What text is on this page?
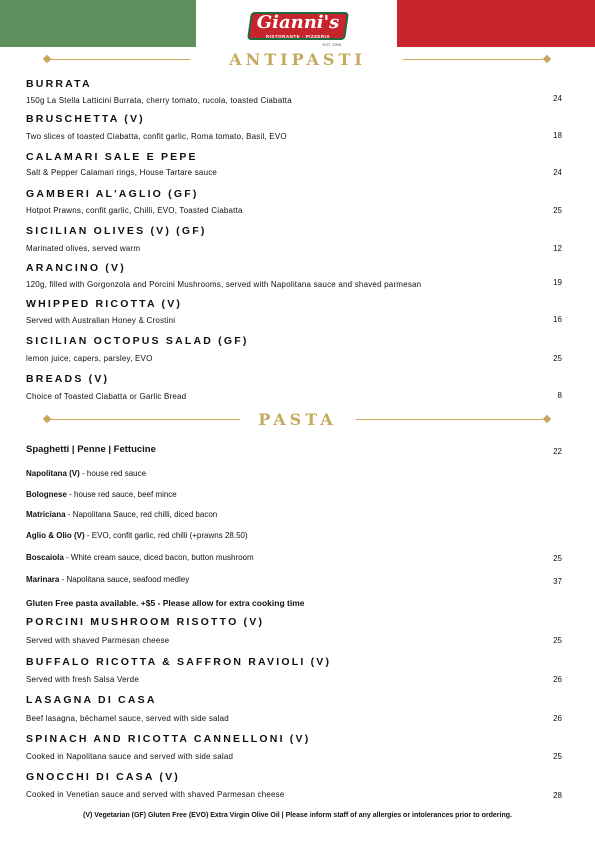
Gianni's
RISTORANTE · PIZZERIA
EST. 1999
ANTIPASTI
BURRATA
150g La Stella Latticini Burrata, cherry tomato, rucola, toasted Ciabatta	24
BRUSCHETTA (V)
Two slices of toasted Ciabatta, confit garlic, Roma tomato, Basil, EVO	18
CALAMARI SALE E PEPE
Salt & Pepper Calamari rings, House Tartare sauce	24
GAMBERI AL'AGLIO (GF)
Hotpot Prawns, confit garlic, Chilli, EVO, Toasted Ciabatta	25
SICILIAN OLIVES (V) (GF)
Marinated olives, served warm	12
ARANCINO (V)
120g, filled with Gorgonzola and Porcini Mushrooms, served with Napolitana sauce and shaved parmesan	19
WHIPPED RICOTTA (V)
Served with Australian Honey & Crostini	16
SICILIAN OCTOPUS SALAD (GF)
lemon juice, capers, parsley, EVO	25
BREADS (V)
Choice of Toasted Ciabatta or Garlic Bread	8
PASTA
Spaghetti | Penne | Fettucine	22
Napolitana (V) - house red sauce
Bolognese - house red sauce, beef mince
Matriciana - Napolitana Sauce, red chilli, diced bacon
Aglio & Olio (V) - EVO, confit garlic, red chilli (+prawns 28.50)
Boscaiola - White cream sauce, diced bacon, button mushroom	25
Marinara - Napolitana sauce, seafood medley	37
Gluten Free pasta available. +$5 - Please allow for extra cooking time
PORCINI MUSHROOM RISOTTO (V)
Served with shaved Parmesan cheese	25
BUFFALO RICOTTA & SAFFRON RAVIOLI (V)
Served with fresh Salsa Verde	26
LASAGNA DI CASA
Beef lasagna, béchamel sauce, served with side salad	26
SPINACH AND RICOTTA CANNELLONI (V)
Cooked in Napolitana sauce and served with side salad	25
GNOCCHI DI CASA (V)
Cooked in Venetian sauce and served with shaved Parmesan cheese	28
(V) Vegetarian (GF) Gluten Free (EVO) Extra Virgin Olive Oil | Please inform staff of any allergies or intolerances prior to ordering.
